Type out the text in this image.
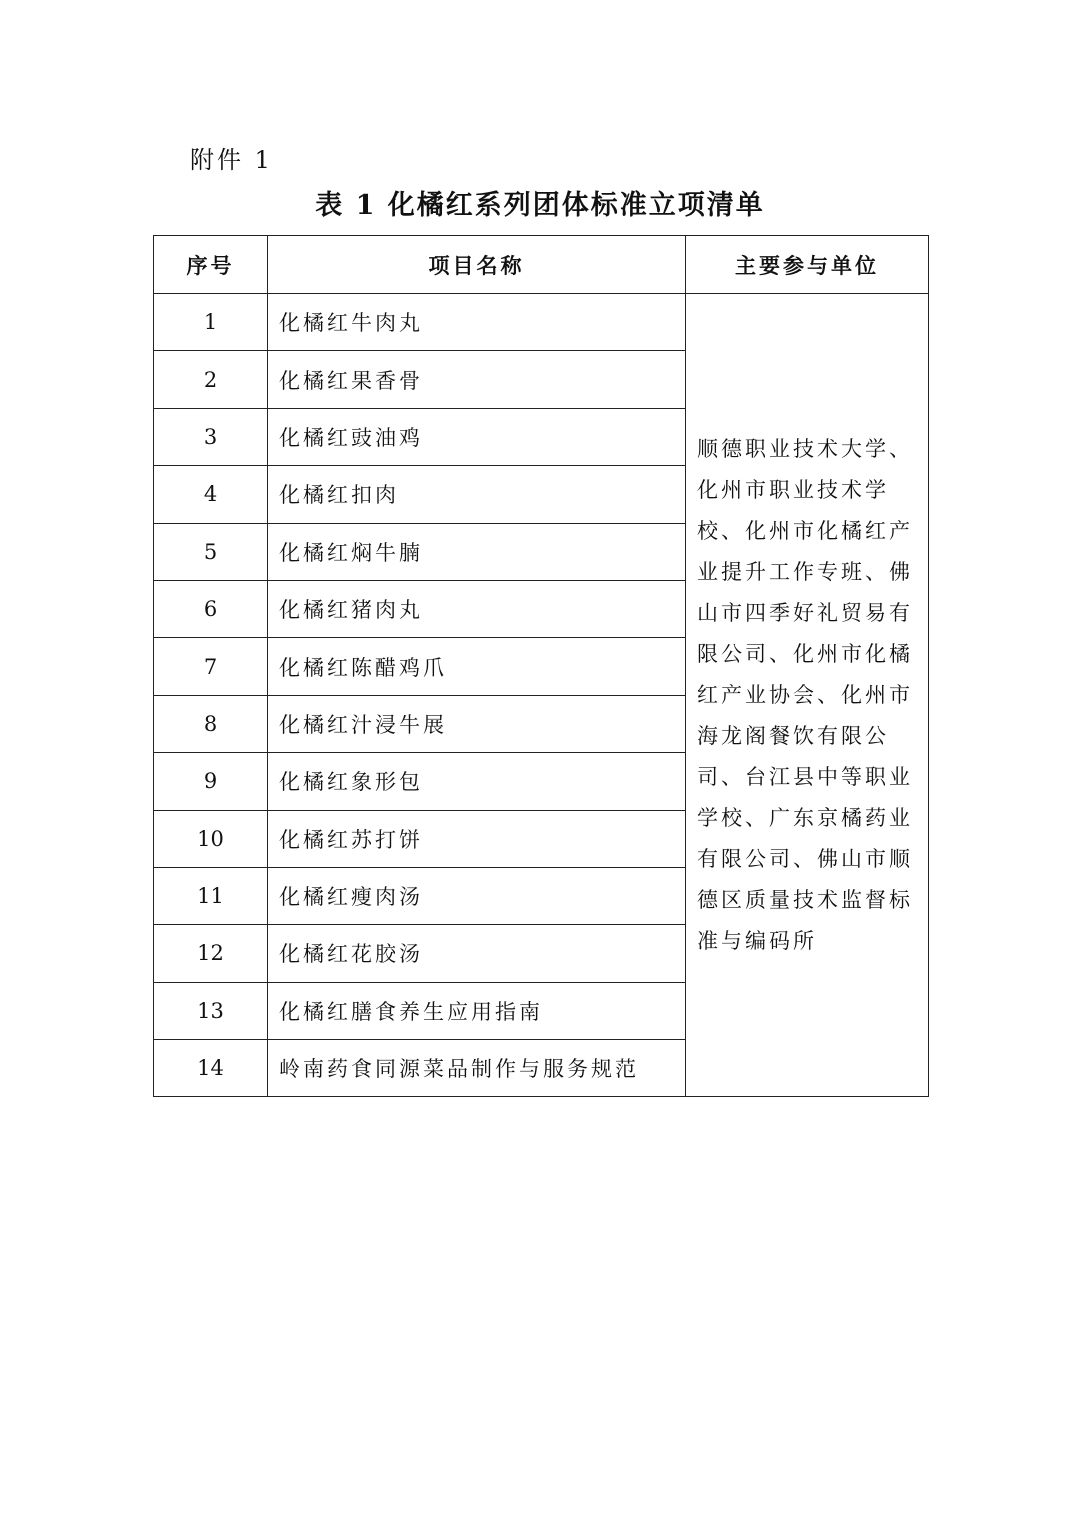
附件 1
表 1 化橘红系列团体标准立项清单
序号	项目名称	主要参与单位
1	化橘红牛肉丸	顺德职业技术大学、化州市职业技术学校、化州市化橘红产业提升工作专班、佛山市四季好礼贸易有限公司、化州市化橘红产业协会、化州市海龙阁餐饮有限公司、台江县中等职业学校、广东京橘药业有限公司、佛山市顺德区质量技术监督标准与编码所
2	化橘红果香骨	
3	化橘红豉油鸡	
4	化橘红扣肉	
5	化橘红焖牛腩	
6	化橘红猪肉丸	
7	化橘红陈醋鸡爪	
8	化橘红汁浸牛展	
9	化橘红象形包	
10	化橘红苏打饼	
11	化橘红瘦肉汤	
12	化橘红花胶汤	
13	化橘红膳食养生应用指南	
14	岭南药食同源菜品制作与服务规范	
